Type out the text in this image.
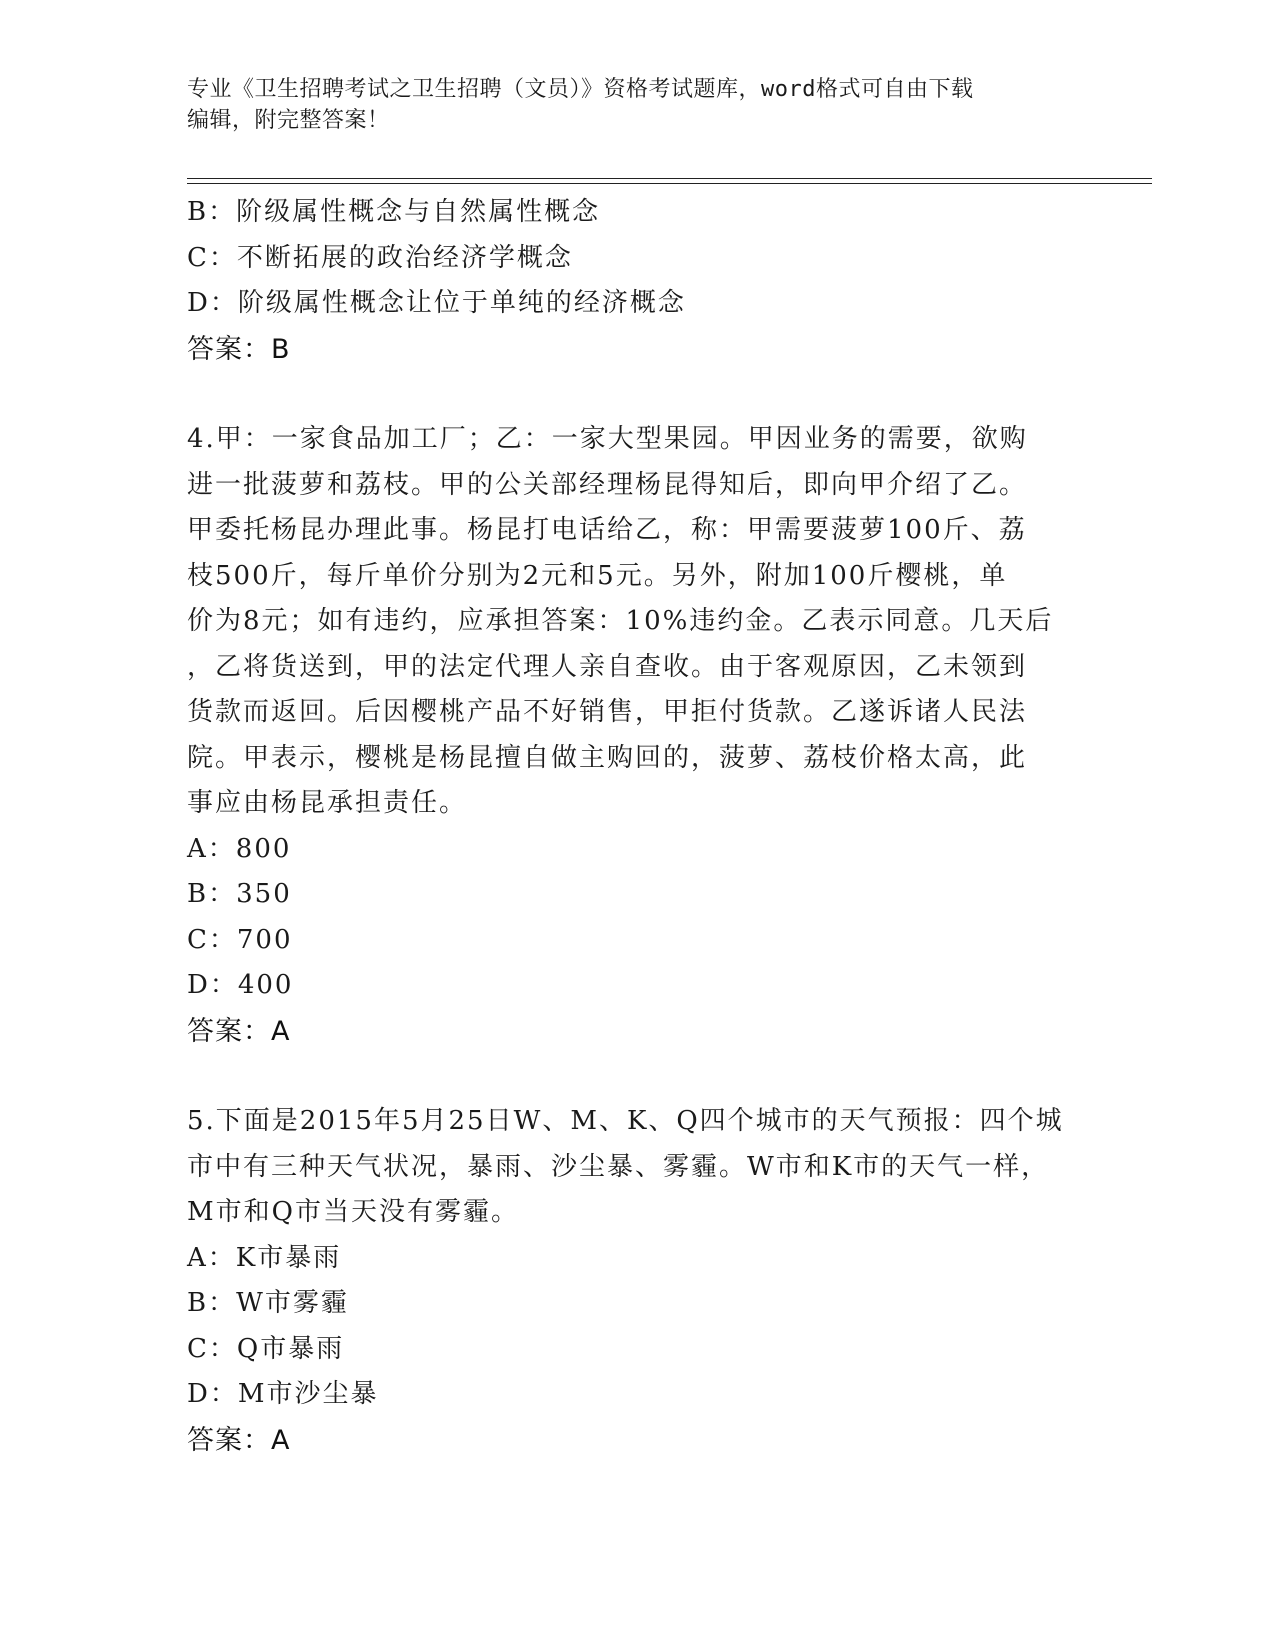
专业《卫生招聘考试之卫生招聘（文员）》资格考试题库，word格式可自由下载
编辑，附完整答案！
B：阶级属性概念与自然属性概念
C：不断拓展的政治经济学概念
D：阶级属性概念让位于单纯的经济概念
答案：B
4.甲：一家食品加工厂；乙：一家大型果园。甲因业务的需要，欲购
进一批菠萝和荔枝。甲的公关部经理杨昆得知后，即向甲介绍了乙。
甲委托杨昆办理此事。杨昆打电话给乙，称：甲需要菠萝100斤、荔
枝500斤，每斤单价分别为2元和5元。另外，附加100斤樱桃，单
价为8元；如有违约，应承担答案：10%违约金。乙表示同意。几天后
，乙将货送到，甲的法定代理人亲自查收。由于客观原因，乙未领到
货款而返回。后因樱桃产品不好销售，甲拒付货款。乙遂诉诸人民法
院。甲表示，樱桃是杨昆擅自做主购回的，菠萝、荔枝价格太高，此
事应由杨昆承担责任。
A：800
B：350
C：700
D：400
答案：A
5.下面是2015年5月25日W、M、K、Q四个城市的天气预报：四个城
市中有三种天气状况，暴雨、沙尘暴、雾霾。W市和K市的天气一样，
M市和Q市当天没有雾霾。
A：K市暴雨
B：W市雾霾
C：Q市暴雨
D：M市沙尘暴
答案：A
